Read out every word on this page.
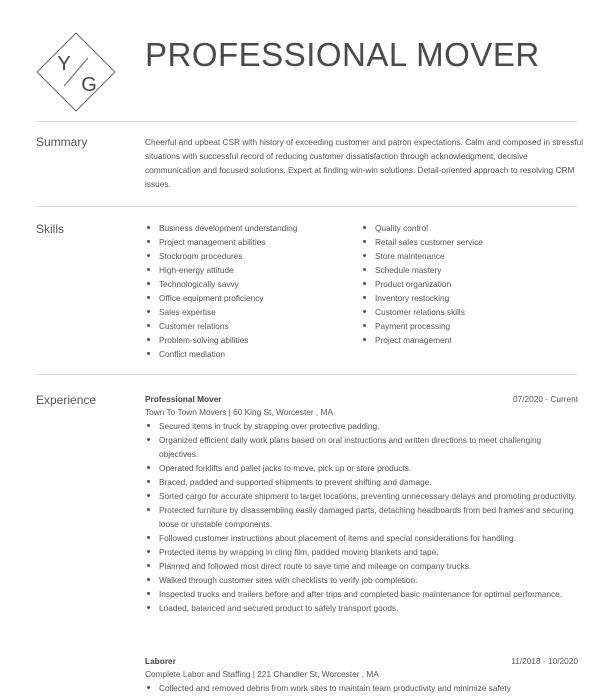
Y
G
PROFESSIONAL MOVER
Summary	Cheerful and upbeat CSR with history of exceeding customer and patron expectations. Calm and composed in stressful situations with successful record of reducing customer dissatisfaction through acknowledgment, decisive communication and focused solutions. Expert at finding win-win solutions. Detail-oriented approach to resolving CRM issues.

Skills	Business development understanding
Project management abilities
Stockroom procedures
High-energy attitude
Technologically savvy
Office equipment proficiency
Sales expertise
Customer relations
Problem-solving abilities
Conflict mediation
Quality control
Retail sales customer service
Store maintenance
Schedule mastery
Product organization
Inventory restocking
Customer relations skills
Payment processing
Project management
Experience	Professional Mover	07/2020 - Current
Town To Town Movers | 60 King St, Worcester , MA
Secured items in truck by strapping over protective padding.
Organized efficient daily work plans based on oral instructions and written directions to meet challenging objectives.
Operated forklifts and pallet jacks to move, pick up or store products.
Braced, padded and supported shipments to prevent shifting and damage.
Sorted cargo for accurate shipment to target locations, preventing unnecessary delays and promoting productivity.
Protected furniture by disassembling easily damaged parts, detaching headboards from bed frames and securing loose or unstable components.
Followed customer instructions about placement of items and special considerations for handling.
Protected items by wrapping in cling film, padded moving blankets and tape.
Planned and followed most direct route to save time and mileage on company trucks.
Walked through customer sites with checklists to verify job completion.
Inspected trucks and trailers before and after trips and completed basic maintenance for optimal performance.
Loaded, balanced and secured product to safely transport goods.
Laborer	11/2018 - 10/2020
Complete Labor and Staffing | 221 Chandler St, Worcester , MA
Collected and removed debris from work sites to maintain team productivity and minimize safety
